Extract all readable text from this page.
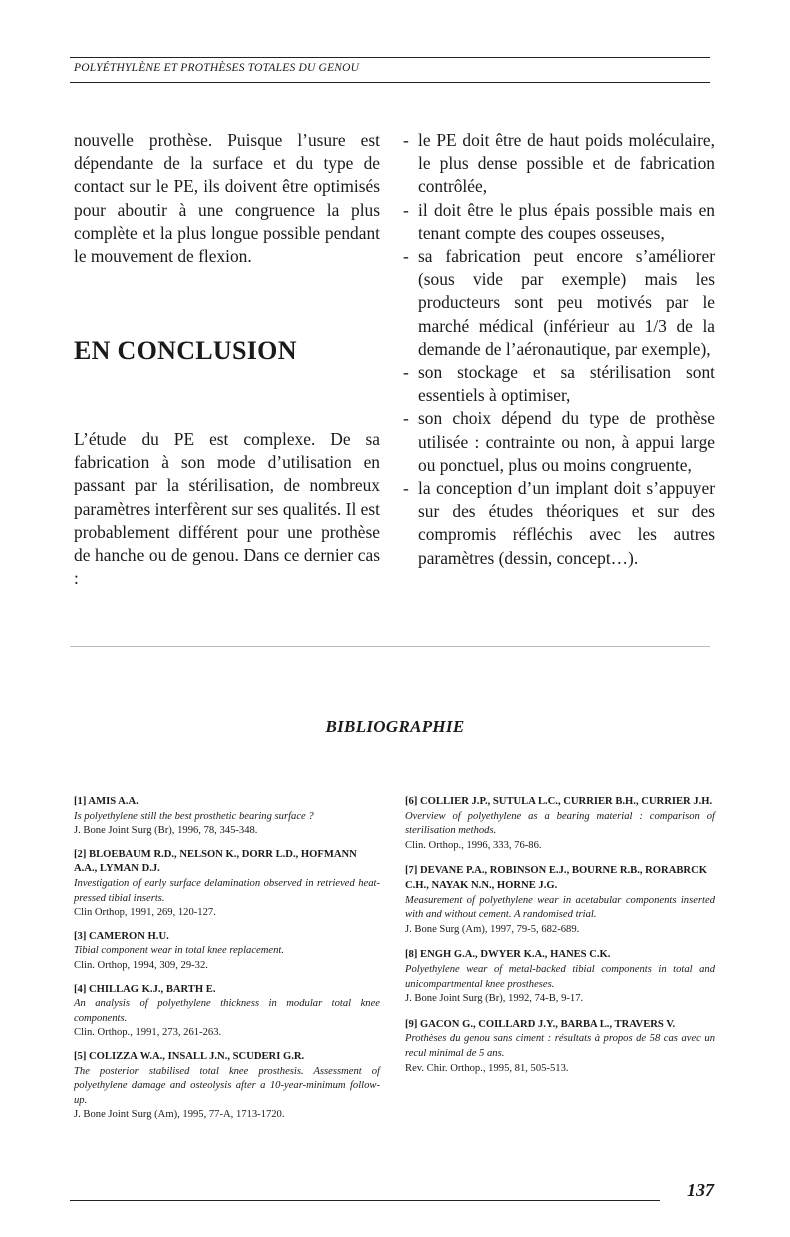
POLYÉTHYLÈNE ET PROTHÈSES TOTALES DU GENOU

nouvelle prothèse. Puisque l’usure est dépendante de la surface et du type de contact sur le PE, ils doivent être optimisés pour aboutir à une congruence la plus complète et la plus longue possible pendant le mouvement de flexion.

EN CONCLUSION

L’étude du PE est complexe. De sa fabrication à son mode d’utilisation en passant par la stérilisation, de nombreux paramètres interfèrent sur ses qualités. Il est probablement différent pour une prothèse de hanche ou de genou. Dans ce dernier cas :

- le PE doit être de haut poids moléculaire, le plus dense possible et de fabrication contrôlée,
- il doit être le plus épais possible mais en tenant compte des coupes osseuses,
- sa fabrication peut encore s’améliorer (sous vide par exemple) mais les producteurs sont peu motivés par le marché médical (inférieur au 1/3 de la demande de l’aéronautique, par exemple),
- son stockage et sa stérilisation sont essentiels à optimiser,
- son choix dépend du type de prothèse utilisée : contrainte ou non, à appui large ou ponctuel, plus ou moins congruente,
- la conception d’un implant doit s’appuyer sur des études théoriques et sur des compromis réfléchis avec les autres paramètres (dessin, concept…).
BIBLIOGRAPHIE
[1] AMIS A.A.
Is polyethylene still the best prosthetic bearing surface ?
J. Bone Joint Surg (Br), 1996, 78, 345-348.
[2] BLOEBAUM R.D., NELSON K., DORR L.D., HOFMANN A.A., LYMAN D.J.
Investigation of early surface delamination observed in retrieved heat-pressed tibial inserts.
Clin Orthop, 1991, 269, 120-127.
[3] CAMERON H.U.
Tibial component wear in total knee replacement.
Clin. Orthop, 1994, 309, 29-32.
[4] CHILLAG K.J., BARTH E.
An analysis of polyethylene thickness in modular total knee components.
Clin. Orthop., 1991, 273, 261-263.
[5] COLIZZA W.A., INSALL J.N., SCUDERI G.R.
The posterior stabilised total knee prosthesis. Assessment of polyethylene damage and osteolysis after a 10-year-minimum follow-up.
J. Bone Joint Surg (Am), 1995, 77-A, 1713-1720.
[6] COLLIER J.P., SUTULA L.C., CURRIER B.H., CURRIER J.H.
Overview of polyethylene as a bearing material : comparison of sterilisation methods.
Clin. Orthop., 1996, 333, 76-86.
[7] DEVANE P.A., ROBINSON E.J., BOURNE R.B., RORABRCK C.H., NAYAK N.N., HORNE J.G.
Measurement of polyethylene wear in acetabular components inserted with and without cement. A randomised trial.
J. Bone Surg (Am), 1997, 79-5, 682-689.
[8] ENGH G.A., DWYER K.A., HANES C.K.
Polyethylene wear of metal-backed tibial components in total and unicompartmental knee prostheses.
J. Bone Joint Surg (Br), 1992, 74-B, 9-17.
[9] GACON G., COILLARD J.Y., BARBA L., TRAVERS V.
Prothèses du genou sans ciment : résultats à propos de 58 cas avec un recul minimal de 5 ans.
Rev. Chir. Orthop., 1995, 81, 505-513.
137
